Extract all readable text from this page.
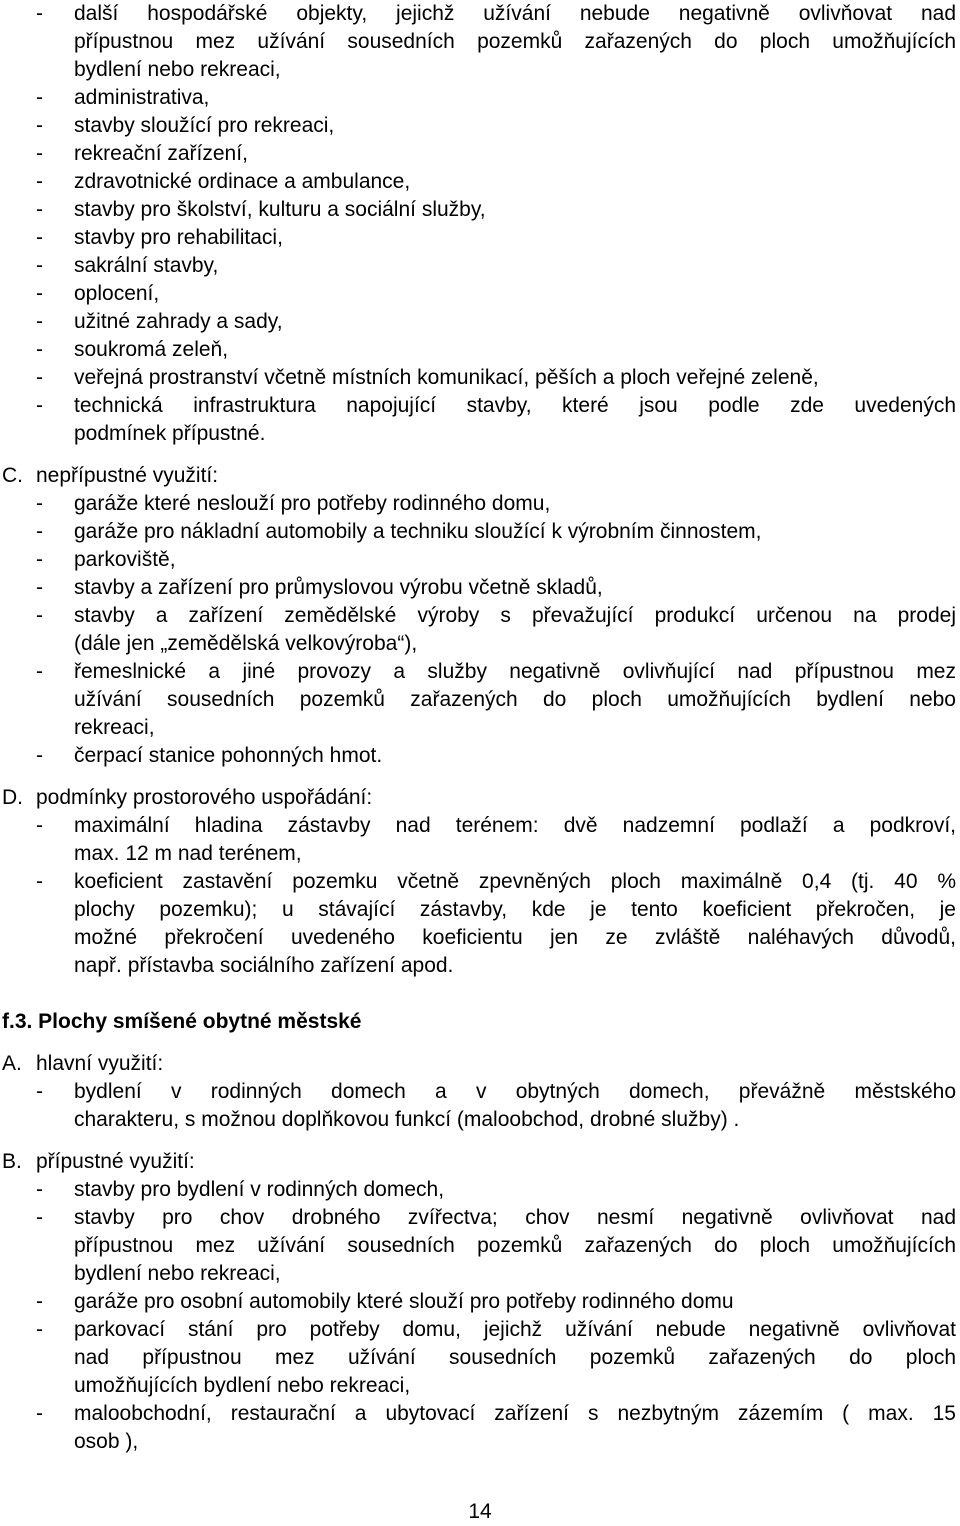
- další hospodářské objekty, jejichž užívání nebude negativně ovlivňovat nad
přípustnou mez užívání sousedních pozemků zařazených do ploch umožňujících
bydlení nebo rekreaci,
- administrativa,
- stavby sloužící pro rekreaci,
- rekreační zařízení,
- zdravotnické ordinace a ambulance,
- stavby pro školství, kulturu a sociální služby,
- stavby pro rehabilitaci,
- sakrální stavby,
- oplocení,
- užitné zahrady a sady,
- soukromá zeleň,
- veřejná prostranství včetně místních komunikací, pěších a ploch veřejné zeleně,
- technická infrastruktura napojující stavby, které jsou podle zde uvedených
podmínek přípustné.
C. nepřípustné využití:
- garáže které neslouží pro potřeby rodinného domu,
- garáže pro nákladní automobily a techniku sloužící k výrobním činnostem,
- parkoviště,
- stavby a zařízení pro průmyslovou výrobu včetně skladů,
- stavby a zařízení zemědělské výroby s převažující produkcí určenou na prodej
(dále jen „zemědělská velkovýroba“),
- řemeslnické a jiné provozy a služby negativně ovlivňující nad přípustnou mez
užívání sousedních pozemků zařazených do ploch umožňujících bydlení nebo
rekreaci,
- čerpací stanice pohonných hmot.
D. podmínky prostorového uspořádání:
- maximální hladina zástavby nad terénem: dvě nadzemní podlaží a podkroví,
max. 12 m nad terénem,
- koeficient zastavění pozemku včetně zpevněných ploch maximálně 0,4 (tj. 40 %
plochy pozemku); u stávající zástavby, kde je tento koeficient překročen, je
možné překročení uvedeného koeficientu jen ze zvláště naléhavých důvodů,
např. přístavba sociálního zařízení apod.
f.3. Plochy smíšené obytné městské
A. hlavní využití:
- bydlení v rodinných domech a v obytných domech, převážně městského
charakteru, s možnou doplňkovou funkcí (maloobchod, drobné služby) .
B. přípustné využití:
- stavby pro bydlení v rodinných domech,
- stavby pro chov drobného zvířectva; chov nesmí negativně ovlivňovat nad
přípustnou mez užívání sousedních pozemků zařazených do ploch umožňujících
bydlení nebo rekreaci,
- garáže pro osobní automobily které slouží pro potřeby rodinného domu
- parkovací stání pro potřeby domu, jejichž užívání nebude negativně ovlivňovat
nad přípustnou mez užívání sousedních pozemků zařazených do ploch
umožňujících bydlení nebo rekreaci,
- maloobchodní, restaurační a ubytovací zařízení s nezbytným zázemím ( max. 15
osob ),
14
